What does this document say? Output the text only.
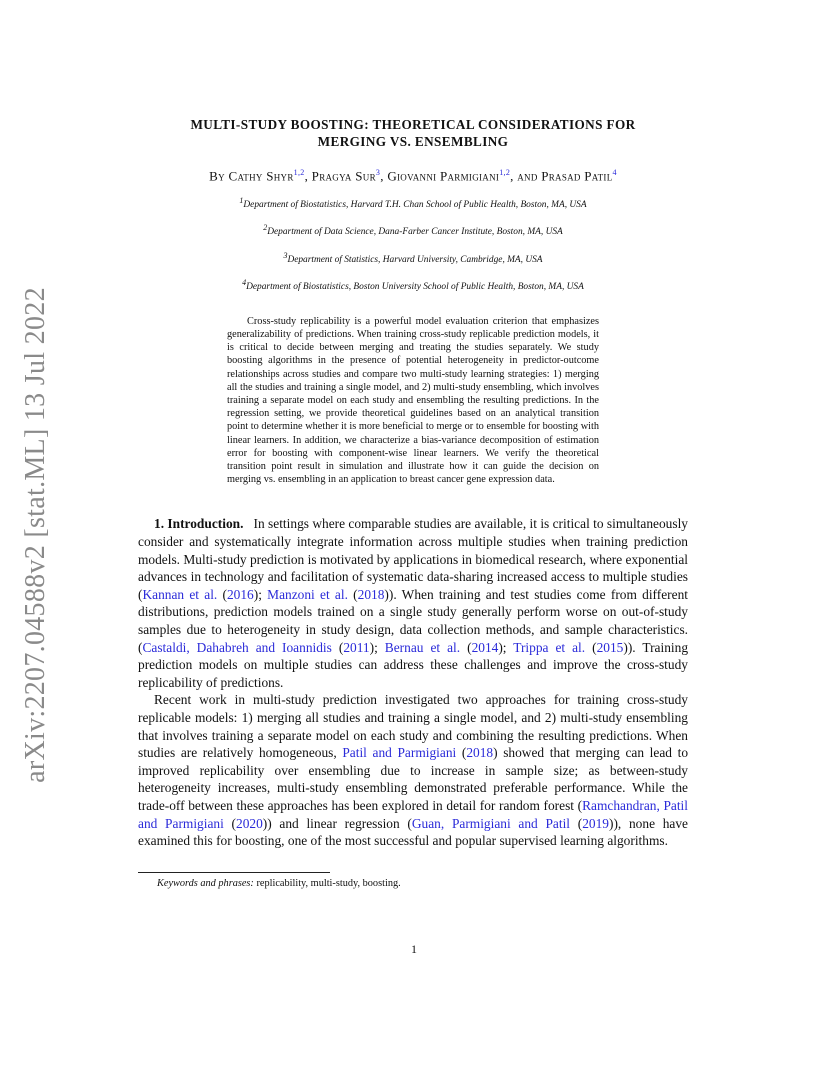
arXiv:2207.04588v2 [stat.ML] 13 Jul 2022
MULTI-STUDY BOOSTING: THEORETICAL CONSIDERATIONS FOR
MERGING VS. ENSEMBLING
By Cathy Shyr$^{1,2}$, Pragya Sur$^3$, Giovanni Parmigiani$^{1,2}$, and Prasad Patil$^4$
$^1$Department of Biostatistics, Harvard T.H. Chan School of Public Health, Boston, MA, USA
$^2$Department of Data Science, Dana-Farber Cancer Institute, Boston, MA, USA
$^3$Department of Statistics, Harvard University, Cambridge, MA, USA
$^4$Department of Biostatistics, Boston University School of Public Health, Boston, MA, USA
Cross-study replicability is a powerful model evaluation criterion that emphasizes generalizability of predictions. When training cross-study replicable prediction models, it is critical to decide between merging and treating the studies separately. We study boosting algorithms in the presence of potential heterogeneity in predictor-outcome relationships across studies and compare two multi-study learning strategies: 1) merging all the studies and training a single model, and 2) multi-study ensembling, which involves training a separate model on each study and ensembling the resulting predictions. In the regression setting, we provide theoretical guidelines based on an analytical transition point to determine whether it is more beneficial to merge or to ensemble for boosting with linear learners. In addition, we characterize a bias-variance decomposition of estimation error for boosting with component-wise linear learners. We verify the theoretical transition point result in simulation and illustrate how it can guide the decision on merging vs. ensembling in an application to breast cancer gene expression data.

1. Introduction. In settings where comparable studies are available, it is critical to simultaneously consider and systematically integrate information across multiple studies when training prediction models. Multi-study prediction is motivated by applications in biomedical research, where exponential advances in technology and facilitation of systematic data-sharing increased access to multiple studies (Kannan et al. (2016); Manzoni et al. (2018)). When training and test studies come from different distributions, prediction models trained on a single study generally perform worse on out-of-study samples due to heterogeneity in study design, data collection methods, and sample characteristics. (Castaldi, Dahabreh and Ioannidis (2011); Bernau et al. (2014); Trippa et al. (2015)). Training prediction models on multiple studies can address these challenges and improve the cross-study replicability of predictions.

Recent work in multi-study prediction investigated two approaches for training cross-study replicable models: 1) merging all studies and training a single model, and 2) multi-study ensembling that involves training a separate model on each study and combining the resulting predictions. When studies are relatively homogeneous, Patil and Parmigiani (2018) showed that merging can lead to improved replicability over ensembling due to increase in sample size; as between-study heterogeneity increases, multi-study ensembling demonstrated preferable performance. While the trade-off between these approaches has been explored in detail for random forest (Ramchandran, Patil and Parmigiani (2020)) and linear regression (Guan, Parmigiani and Patil (2019)), none have examined this for boosting, one of the most successful and popular supervised learning algorithms.

Keywords and phrases: replicability, multi-study, boosting.
1
